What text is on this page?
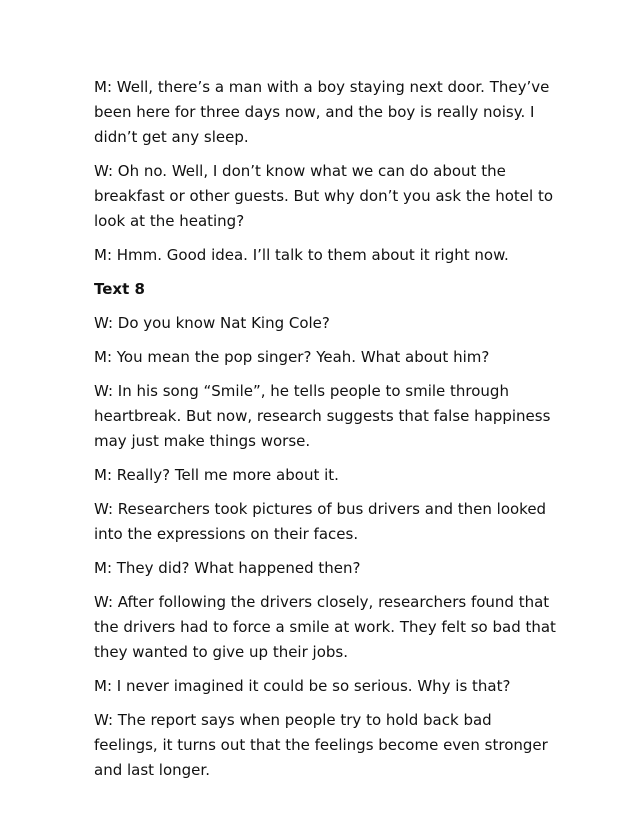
M: Well, there’s a man with a boy staying next door. They’ve been here for three days now, and the boy is really noisy. I didn’t get any sleep.

W: Oh no. Well, I don’t know what we can do about the breakfast or other guests. But why don’t you ask the hotel to look at the heating?

M: Hmm. Good idea. I’ll talk to them about it right now.

Text 8

W: Do you know Nat King Cole?

M: You mean the pop singer? Yeah. What about him?

W: In his song “Smile”, he tells people to smile through heartbreak. But now, research suggests that false happiness may just make things worse.

M: Really? Tell me more about it.

W: Researchers took pictures of bus drivers and then looked into the expressions on their faces.

M: They did? What happened then?

W: After following the drivers closely, researchers found that the drivers had to force a smile at work. They felt so bad that they wanted to give up their jobs.

M: I never imagined it could be so serious. Why is that?

W: The report says when people try to hold back bad feelings, it turns out that the feelings become even stronger and last longer.
